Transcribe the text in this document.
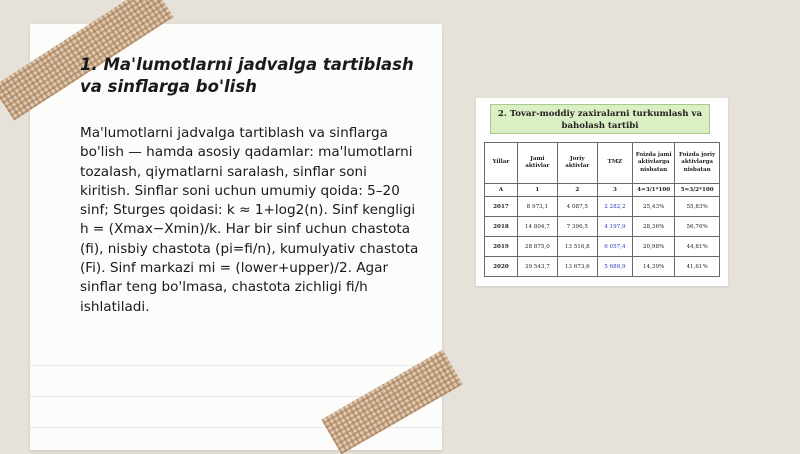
1. Ma'lumotlarni jadvalga tartiblash
va sinflarga bo'lish

Ma'lumotlarni jadvalga tartiblash va sinflarga bo'lish — hamda asosiy qadamlar: ma'lumotlarni tozalash, qiymatlarni saralash, sinflar soni kiritish. Sinflar soni uchun umumiy qoida: 5–20 sinf; Sturges qoidasi: k ≈ 1+log2(n). Sinf kengligi h = (Xmax−Xmin)/k. Har bir sinf uchun chastota (fi), nisbiy chastota (pi=fi/n), kumulyativ chastota (Fi). Sinf markazi mi = (lower+upper)/2. Agar sinflar teng bo'lmasa, chastota zichligi fi/h ishlatiladi.

2. Tovar-moddiy zaxiralarni turkumlash va baholash tartibi
Yillar	Jami aktivlar	Joriy aktivlar	TMZ	Foizda jami aktivlarga nisbatan	Foizda joriy aktivlarga nisbatan
A	1	2	3	4=3/1*100	5=3/2*100
2017	8 973,1	4 087,5	2 282,2	25,43%	55,83%
2018	14 804,7	7 396,5	4 197,9	28,36%	56,76%
2019	28 875,0	13 516,8	6 057,4	20,98%	44,81%
2020	39 543,7	13 673,6	5 689,9	14,39%	41,61%
